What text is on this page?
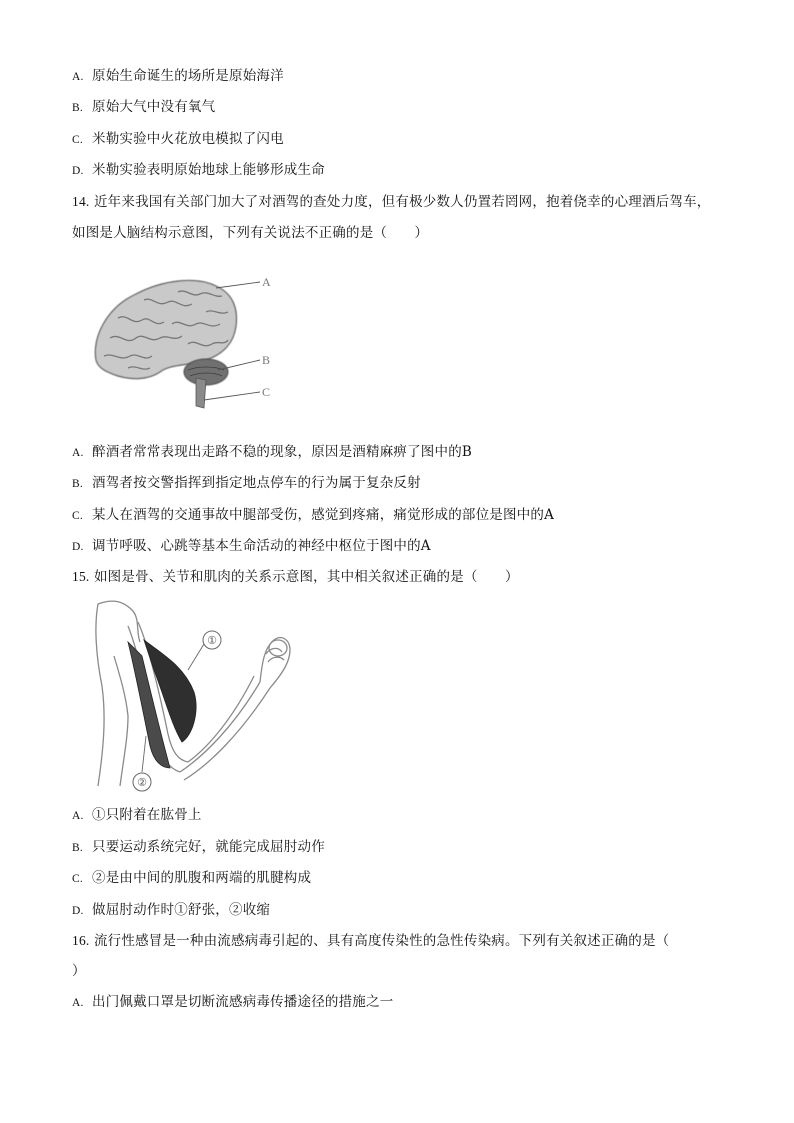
A. 原始生命诞生的场所是原始海洋
B. 原始大气中没有氧气
C. 米勒实验中火花放电模拟了闪电
D. 米勒实验表明原始地球上能够形成生命
14. 近年来我国有关部门加大了对酒驾的查处力度，但有极少数人仍置若罔网，抱着侥幸的心理酒后驾车，
如图是人脑结构示意图，下列有关说法不正确的是（　　）
A
B
C
A. 醉酒者常常表现出走路不稳的现象，原因是酒精麻痹了图中的B
B. 酒驾者按交警指挥到指定地点停车的行为属于复杂反射
C. 某人在酒驾的交通事故中腿部受伤，感觉到疼痛，痛觉形成的部位是图中的A
D. 调节呼吸、心跳等基本生命活动的神经中枢位于图中的A
15. 如图是骨、关节和肌肉的关系示意图，其中相关叙述正确的是（　　）
①
②
A. ①只附着在肱骨上
B. 只要运动系统完好，就能完成屈肘动作
C. ②是由中间的肌腹和两端的肌腱构成
D. 做屈肘动作时①舒张，②收缩
16. 流行性感冒是一种由流感病毒引起的、具有高度传染性的急性传染病。下列有关叙述正确的是（
）
A. 出门佩戴口罩是切断流感病毒传播途径的措施之一
